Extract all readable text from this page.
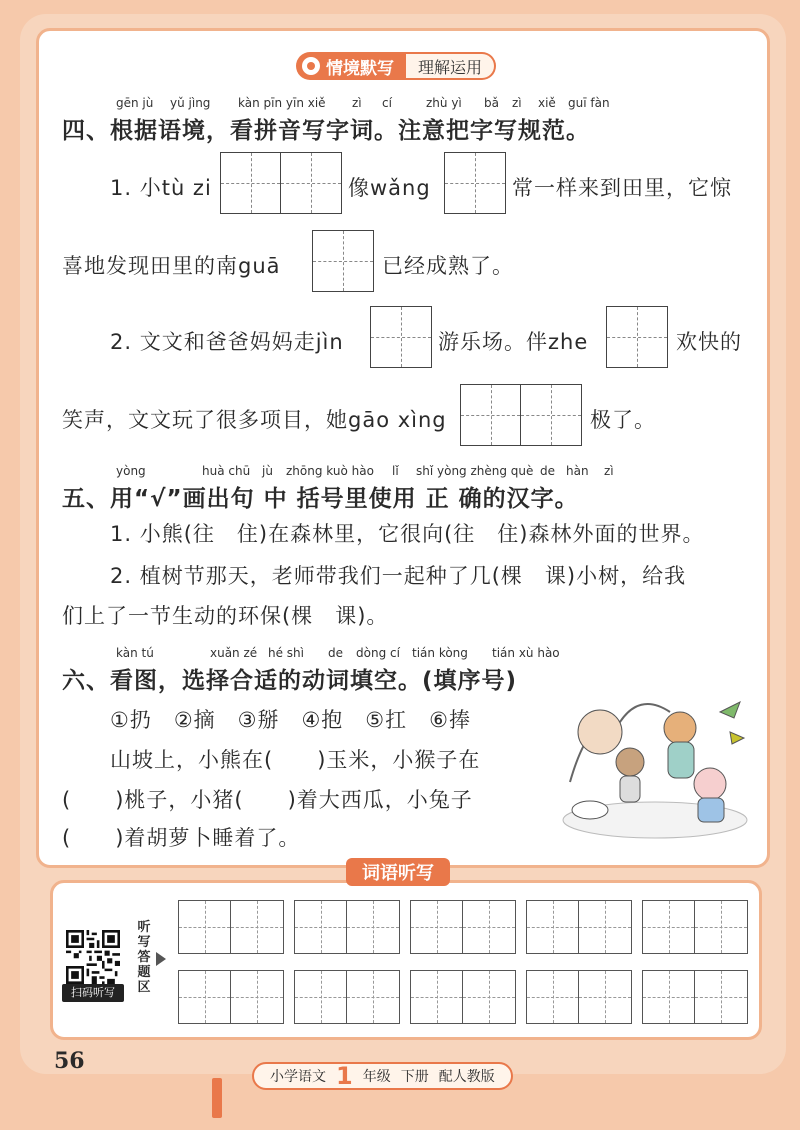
情境默写	理解运用
gēn jù yǔ jìng kàn pīn yīn xiě zì cí	zhù yì bǎ zì xiě guī fàn
四、根据语境，看拼音写字词。注意把字写规范。
1. 小tù zi	像wǎng	常一样来到田里，它惊
喜地发现田里的南guā	已经成熟了。
2. 文文和爸爸妈妈走jìn	游乐场。伴zhe	欢快的
笑声，文文玩了很多项目，她gāo xìng	极了。
yòng	huà chū jù zhōng kuò hào lǐ shǐ yòng zhèng què de hàn zì
五、用“√”画出句 中 括号里使用 正 确的汉字。
1. 小熊(往　住)在森林里，它很向(往　住)森林外面的世界。
2. 植树节那天，老师带我们一起种了几(棵　课)小树，给我
们上了一节生动的环保(棵　课)。
kàn tú	xuǎn zé hé shì de dòng cí tián kòng tián xù hào
六、看图，选择合适的动词填空。(填序号)
①扔　②摘　③掰　④抱　⑤扛　⑥捧
山坡上，小熊在(　　)玉米，小猴子在
(　　)桃子，小猪(　　)着大西瓜，小兔子
(　　)着胡萝卜睡着了。
词语听写
扫码听写
听写答题区
56
小学语文 1 年级 下册 配人教版
